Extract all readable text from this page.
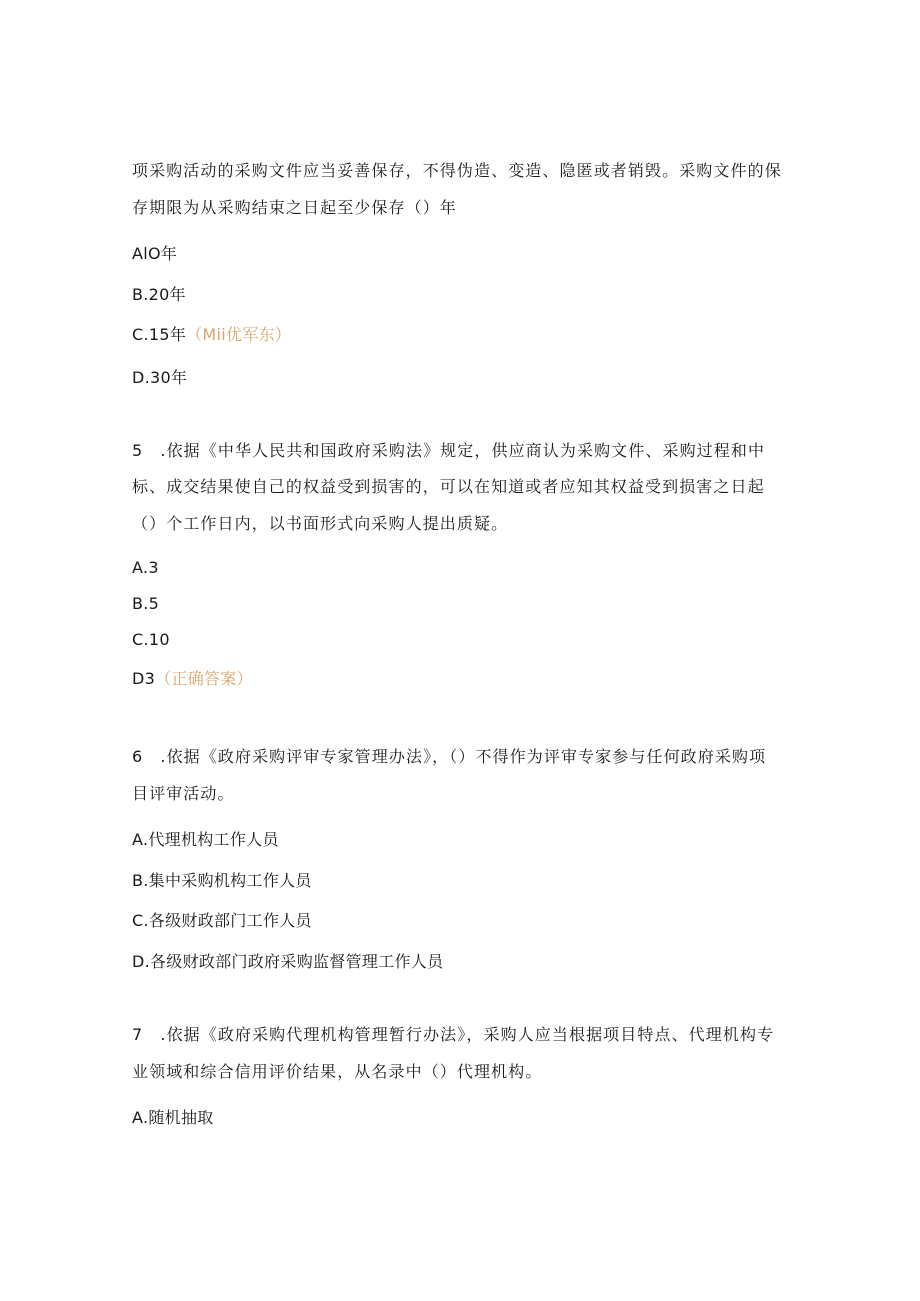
项采购活动的采购文件应当妥善保存，不得伪造、变造、隐匿或者销毁。采购文件的保
存期限为从采购结束之日起至少保存（）年
AlO年
B.20年
C.15年（Mii优军东）
D.30年
5　.依据《中华人民共和国政府采购法》规定，供应商认为采购文件、采购过程和中
标、成交结果使自己的权益受到损害的，可以在知道或者应知其权益受到损害之日起
（）个工作日内，以书面形式向采购人提出质疑。
A.3
B.5
C.10
D3（正确答案）
6　.依据《政府采购评审专家管理办法》，（）不得作为评审专家参与任何政府采购项
目评审活动。
A.代理机构工作人员
B.集中采购机构工作人员
C.各级财政部门工作人员
D.各级财政部门政府采购监督管理工作人员
7　.依据《政府采购代理机构管理暂行办法》，采购人应当根据项目特点、代理机构专
业领域和综合信用评价结果，从名录中（）代理机构。
A.随机抽取
